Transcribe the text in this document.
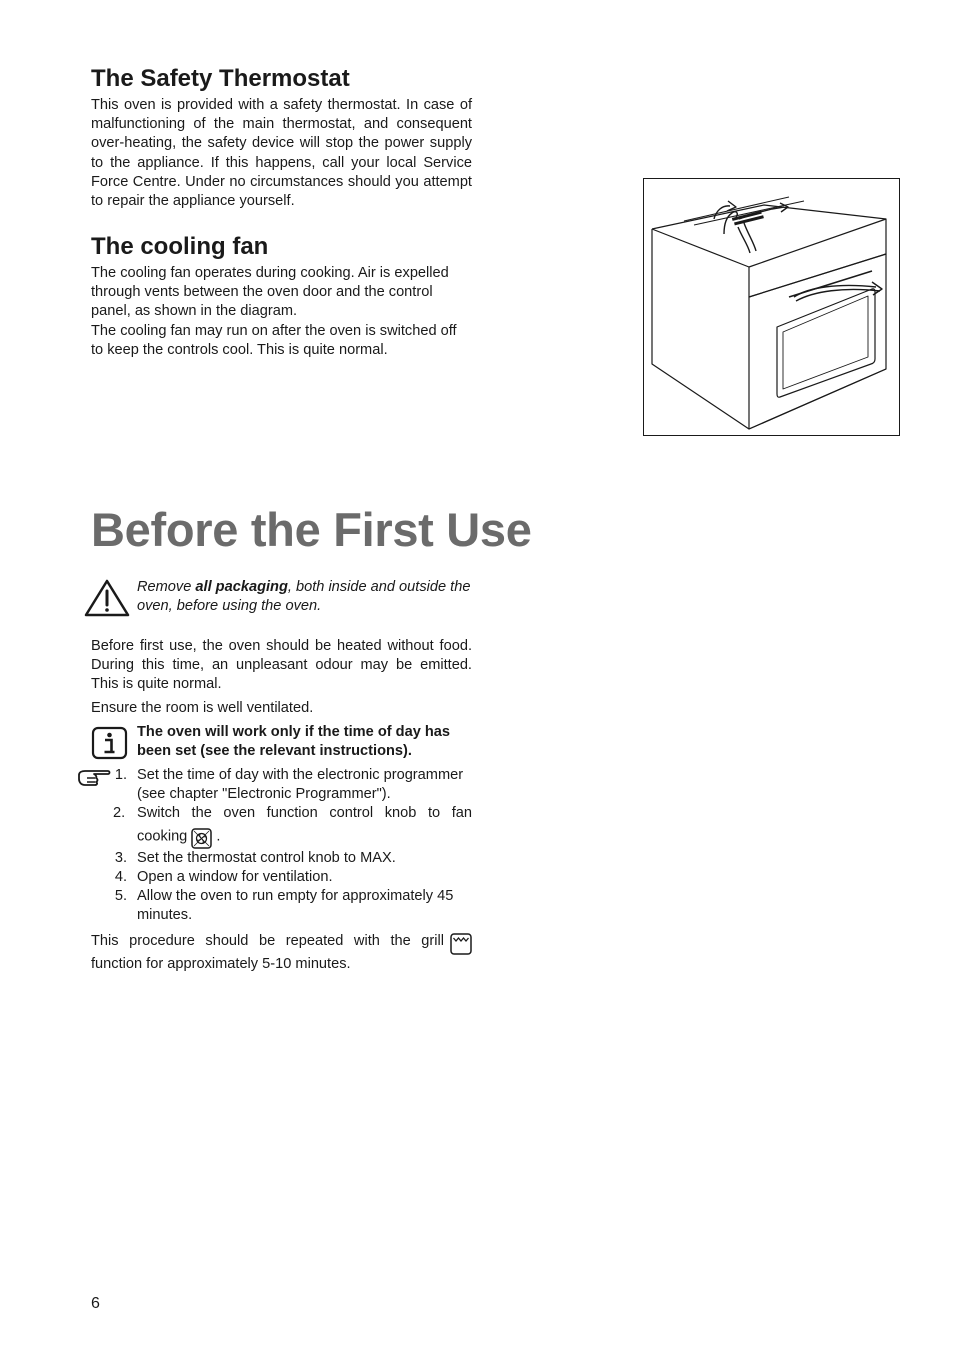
The Safety Thermostat

This oven is provided with a safety thermostat. In case of malfunctioning of the main thermostat, and consequent over-heating, the safety device will stop the power supply to the appliance. If this happens, call your local Service Force Centre. Under no circumstances should you attempt to repair the appliance yourself.

The cooling fan

The cooling fan operates during cooking. Air is expelled through vents between the oven door and the control panel, as shown in the diagram.

The cooling fan may run on after the oven is switched off to keep the controls cool. This is quite normal.

Before the First Use

Remove all packaging, both inside and outside the oven, before using the oven.

Before first use, the oven should be heated without food. During this time, an unpleasant odour may be emitted. This is quite normal.

Ensure the room is well ventilated.

The oven will work only if the time of day has been set (see the relevant instructions).

1. Set the time of day with the electronic programmer (see chapter "Electronic Programmer").
2. Switch the oven function control knob to fan cooking  .
3. Set the thermostat control knob to MAX.
4. Open a window for ventilation.
5. Allow the oven to run empty for approximately 45 minutes.

This procedure should be repeated with the grill

function for approximately 5-10 minutes.

6
